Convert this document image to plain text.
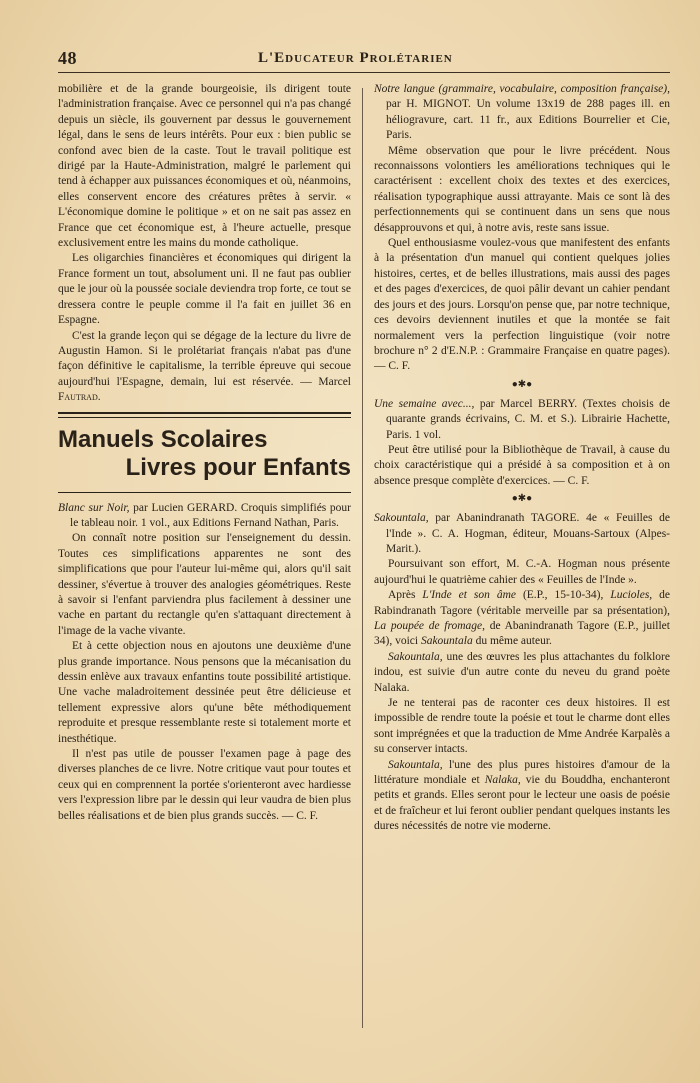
48	L'Educateur Prolétarien

mobilière et de la grande bourgeoisie, ils dirigent toute l'administration française. Avec ce personnel qui n'a pas changé depuis un siècle, ils gouvernent par dessus le gouvernement légal, dans le sens de leurs intérêts. Pour eux : bien public se confond avec bien de la caste. Tout le travail politique est dirigé par la Haute-Administration, malgré le parlement qui tend à échapper aux puissances économiques et où, néanmoins, elles conservent encore des créatures prêtes à servir. « L'économique domine le politique » et on ne sait pas assez en France que cet économique est, à l'heure actuelle, presque exclusivement entre les mains du monde catholique.

Les oligarchies financières et économiques qui dirigent la France forment un tout, absolument uni. Il ne faut pas oublier que le jour où la poussée sociale deviendra trop forte, ce tout se dressera contre le peuple comme il l'a fait en juillet 36 en Espagne.

C'est la grande leçon qui se dégage de la lecture du livre de Augustin Hamon. Si le prolétariat français n'abat pas d'une façon définitive le capitalisme, la terrible épreuve qui secoue aujourd'hui l'Espagne, demain, lui est réservée. — Marcel Fautrad.

Manuels Scolaires
Livres pour Enfants

Blanc sur Noir, par Lucien GERARD. Croquis simplifiés pour le tableau noir. 1 vol., aux Editions Fernand Nathan, Paris.

On connaît notre position sur l'enseignement du dessin. Toutes ces simplifications apparentes ne sont des simplifications que pour l'auteur lui-même qui, alors qu'il sait dessiner, s'évertue à trouver des analogies géométriques. Reste à savoir si l'enfant parviendra plus facilement à dessiner une vache en partant du rectangle qu'en s'attaquant directement à l'image de la vache vivante.

Et à cette objection nous en ajoutons une deuxième d'une plus grande importance. Nous pensons que la mécanisation du dessin enlève aux travaux enfantins toute possibilité artistique. Une vache maladroitement dessinée peut être délicieuse et tellement expressive alors qu'une bête méthodiquement reproduite et presque ressemblante reste si totalement morte et inesthétique.

Il n'est pas utile de pousser l'examen page à page des diverses planches de ce livre. Notre critique vaut pour toutes et ceux qui en comprennent la portée s'orienteront avec hardiesse vers l'expression libre par le dessin qui leur vaudra de bien plus belles réalisations et de bien plus grands succès. — C. F.

Notre langue (grammaire, vocabulaire, composition française), par H. MIGNOT. Un volume 13x19 de 288 pages ill. en héliogravure, cart. 11 fr., aux Editions Bourrelier et Cie, Paris.

Même observation que pour le livre précédent. Nous reconnaissons volontiers les améliorations techniques qui le caractérisent : excellent choix des textes et des exercices, réalisation typographique aussi attrayante. Mais ce sont là des perfectionnements qui se continuent dans un sens que nous désapprouvons et qui, à notre avis, reste sans issue.

Quel enthousiasme voulez-vous que manifestent des enfants à la présentation d'un manuel qui contient quelques jolies histoires, certes, et de belles illustrations, mais aussi des pages et des pages d'exercices, de quoi pâlir devant un cahier pendant des jours et des jours. Lorsqu'on pense que, par notre technique, ces devoirs deviennent inutiles et que la montée se fait normalement vers la perfection linguistique (voir notre brochure n° 2 d'E.N.P. : Grammaire Française en quatre pages). — C. F.

●✱●

Une semaine avec..., par Marcel BERRY. (Textes choisis de quarante grands écrivains, C. M. et S.). Librairie Hachette, Paris. 1 vol.

Peut être utilisé pour la Bibliothèque de Travail, à cause du choix caractéristique qui a présidé à sa composition et à on absence presque complète d'exercices. — C. F.

●✱●

Sakountala, par Abanindranath TAGORE. 4e « Feuilles de l'Inde ». C. A. Hogman, éditeur, Mouans-Sartoux (Alpes-Marit.).

Poursuivant son effort, M. C.-A. Hogman nous présente aujourd'hui le quatrième cahier des « Feuilles de l'Inde ».

Après L'Inde et son âme (E.P., 15-10-34), Lucioles, de Rabindranath Tagore (véritable merveille par sa présentation), La poupée de fromage, de Abanindranath Tagore (E.P., juillet 34), voici Sakountala du même auteur.

Sakountala, une des œuvres les plus attachantes du folklore indou, est suivie d'un autre conte du neveu du grand poète Nalaka.

Je ne tenterai pas de raconter ces deux histoires. Il est impossible de rendre toute la poésie et tout le charme dont elles sont imprégnées et que la traduction de Mme Andrée Karpalès a su conserver intacts.

Sakountala, l'une des plus pures histoires d'amour de la littérature mondiale et Nalaka, vie du Bouddha, enchanteront petits et grands. Elles seront pour le lecteur une oasis de poésie et de fraîcheur et lui feront oublier pendant quelques instants les dures nécessités de notre vie moderne.
